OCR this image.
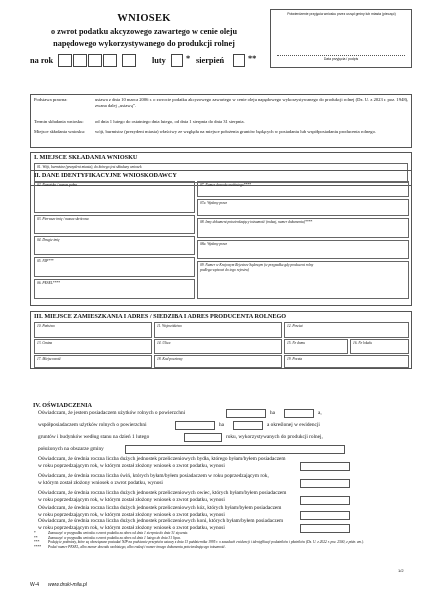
WNIOSEK
o zwrot podatku akcyzowego zawartego w cenie oleju
napędowego wykorzystywanego do produkcji rolnej
na rok	luty * sierpień	**
Potwierdzenie przyjęcia wniosku przez urząd gminy lub miasta (pieczęć)
Data przyjęcia / podpis
Podstawa prawna:	ustawa z dnia 10 marca 2006 r. o zwrocie podatku akcyzowego zawartego w cenie oleju napędowego wykorzystywanego do produkcji rolnej (Dz. U. z 2023 r. poz. 1948), zwana dalej „ustawą”.
Termin składania wniosku:	od dnia 1 lutego do ostatniego dnia lutego, od dnia 1 sierpnia do dnia 31 sierpnia.
Miejsce składania wniosku:	wójt, burmistrz (prezydent miasta) właściwy ze względu na miejsce położenia gruntów będących w posiadaniu lub współposiadaniu producenta rolnego.
I. MIEJSCE SKŁADANIA WNIOSKU
01. Wójt, burmistrz (prezydent miasta), do którego jest składany wniosek
II. DANE IDENTYFIKACYJNE WNIOSKODAWCY
02. Nazwisko / nazwa pełna
03. Pierwsze imię / nazwa skrócona
04. Drugie imię
05. NIP***
06. PESEL****
07. Numer dowodu osobistego****
07a. Wydany przez
08. Inny dokument potwierdzający tożsamość (rodzaj, numer dokumentu)****
08a. Wydany przez
09. Numer w Krajowym Rejestrze Sądowym (w przypadku gdy producent rolny
podlega wpisowi do tego rejestru)
III. MIEJSCE ZAMIESZKANIA I ADRES / SIEDZIBA I ADRES PRODUCENTA ROLNEGO
10. Państwo	11. Województwo	12. Powiat
13. Gmina	14. Ulica	15. Nr domu	16. Nr lokalu
17. Miejscowość	18. Kod pocztowy	19. Poczta
IV. OŚWIADCZENIA
Oświadczam, że jestem posiadaczem użytków rolnych o powierzchni	ha	a,
współposiadaczem użytków rolnych o powierzchni	ha	a określonej w ewidencji
gruntów i budynków według stanu na dzień 1 lutego	roku, wykorzystywanych do produkcji rolnej,
położonych na obszarze gminy
Oświadczam, że średnia roczna liczba dużych jednostek przeliczeniowych bydła, którego byłam/byłem posiadaczem
w roku poprzedzającym rok, w którym został złożony wniosek o zwrot podatku, wynosi
Oświadczam, że średnia roczna liczba świń, których byłam/byłem posiadaczem w roku poprzedzającym rok,
w którym został złożony wniosek o zwrot podatku, wynosi
Oświadczam, że średnia roczna liczba dużych jednostek przeliczeniowych owiec, których byłam/byłem posiadaczem
w roku poprzedzającym rok, w którym został złożony wniosek o zwrot podatku, wynosi
Oświadczam, że średnia roczna liczba dużych jednostek przeliczeniowych kóz, których byłam/byłem posiadaczem
w roku poprzedzającym rok, w którym został złożony wniosek o zwrot podatku, wynosi
Oświadczam, że średnia roczna liczba dużych jednostek przeliczeniowych koni, których byłam/byłem posiadaczem
w roku poprzedzającym rok, w którym został złożony wniosek o zwrot podatku, wynosi
*	Zaznaczyć w przypadku wniosku o zwrot podatku za okres od dnia 1 sierpnia do dnia 31 stycznia.
**	Zaznaczyć w przypadku wniosku o zwrot podatku za okres od dnia 1 lutego do dnia 31 lipca.
*** Podają te podmioty, które są obowiązane posiadać NIP na podstawie przepisów ustawy z dnia 13 października 1995 r. o zasadach ewidencji i identyfikacji podatników i płatników (Dz. U. z 2022 r. poz. 2500, z późn. zm.).
**** Podać numer PESEL, albo numer dowodu osobistego, albo rodzaj i numer innego dokumentu potwierdzającego tożsamość.
W-4 www.druki-mila.pl
1/2
